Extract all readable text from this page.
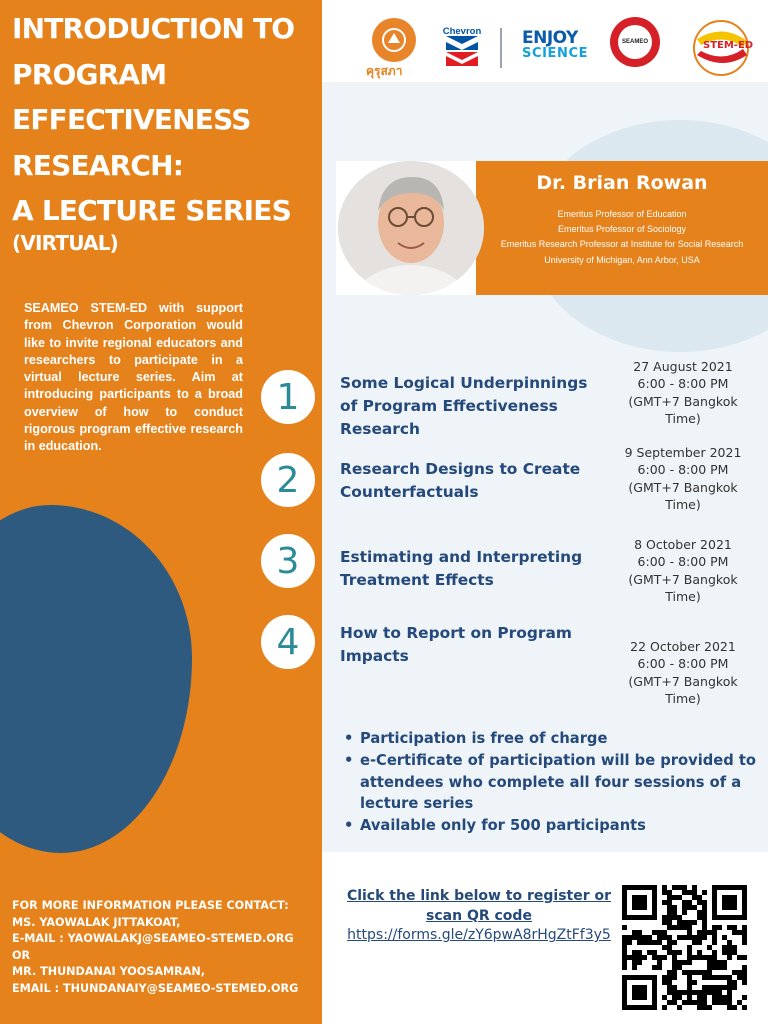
INTRODUCTION TO
PROGRAM
EFFECTIVENESS
RESEARCH:
A LECTURE SERIES
(VIRTUAL)

SEAMEO STEM-ED with support from Chevron Corporation would like to invite regional educators and researchers to participate in a virtual lecture series. Aim at introducing participants to a broad overview of how to conduct rigorous program effective research in education.

FOR MORE INFORMATION PLEASE CONTACT:
MS. YAOWALAK JITTAKOAT,
E-MAIL : YAOWALAKJ@SEAMEO-STEMED.ORG
OR
MR. THUNDANAI YOOSAMRAN,
EMAIL : THUNDANAIY@SEAMEO-STEMED.ORG
คุรุสภา
Chevron ENJOY
SCIENCE
SEAMEO	STEM-ED
Dr. Brian Rowan
Emeritus Professor of Education
Emeritus Professor of Sociology
Emeritus Research Professor at Institute for Social Research
University of Michigan, Ann Arbor, USA
1	Some Logical Underpinnings
of Program Effectiveness
Research
27 August 2021
6:00 - 8:00 PM
(GMT+7 Bangkok Time)
2	Research Designs to Create
Counterfactuals
9 September 2021
6:00 - 8:00 PM
(GMT+7 Bangkok Time)
3	Estimating and Interpreting
Treatment Effects
8 October 2021
6:00 - 8:00 PM
(GMT+7 Bangkok Time)
4	How to Report on Program
Impacts
22 October 2021
6:00 - 8:00 PM
(GMT+7 Bangkok Time)
• Participation is free of charge
• e-Certificate of participation will be provided to attendees who complete all four sessions of a lecture series
• Available only for 500 participants
Click the link below to register or
scan QR code
https://forms.gle/zY6pwA8rHgZtFf3y5
